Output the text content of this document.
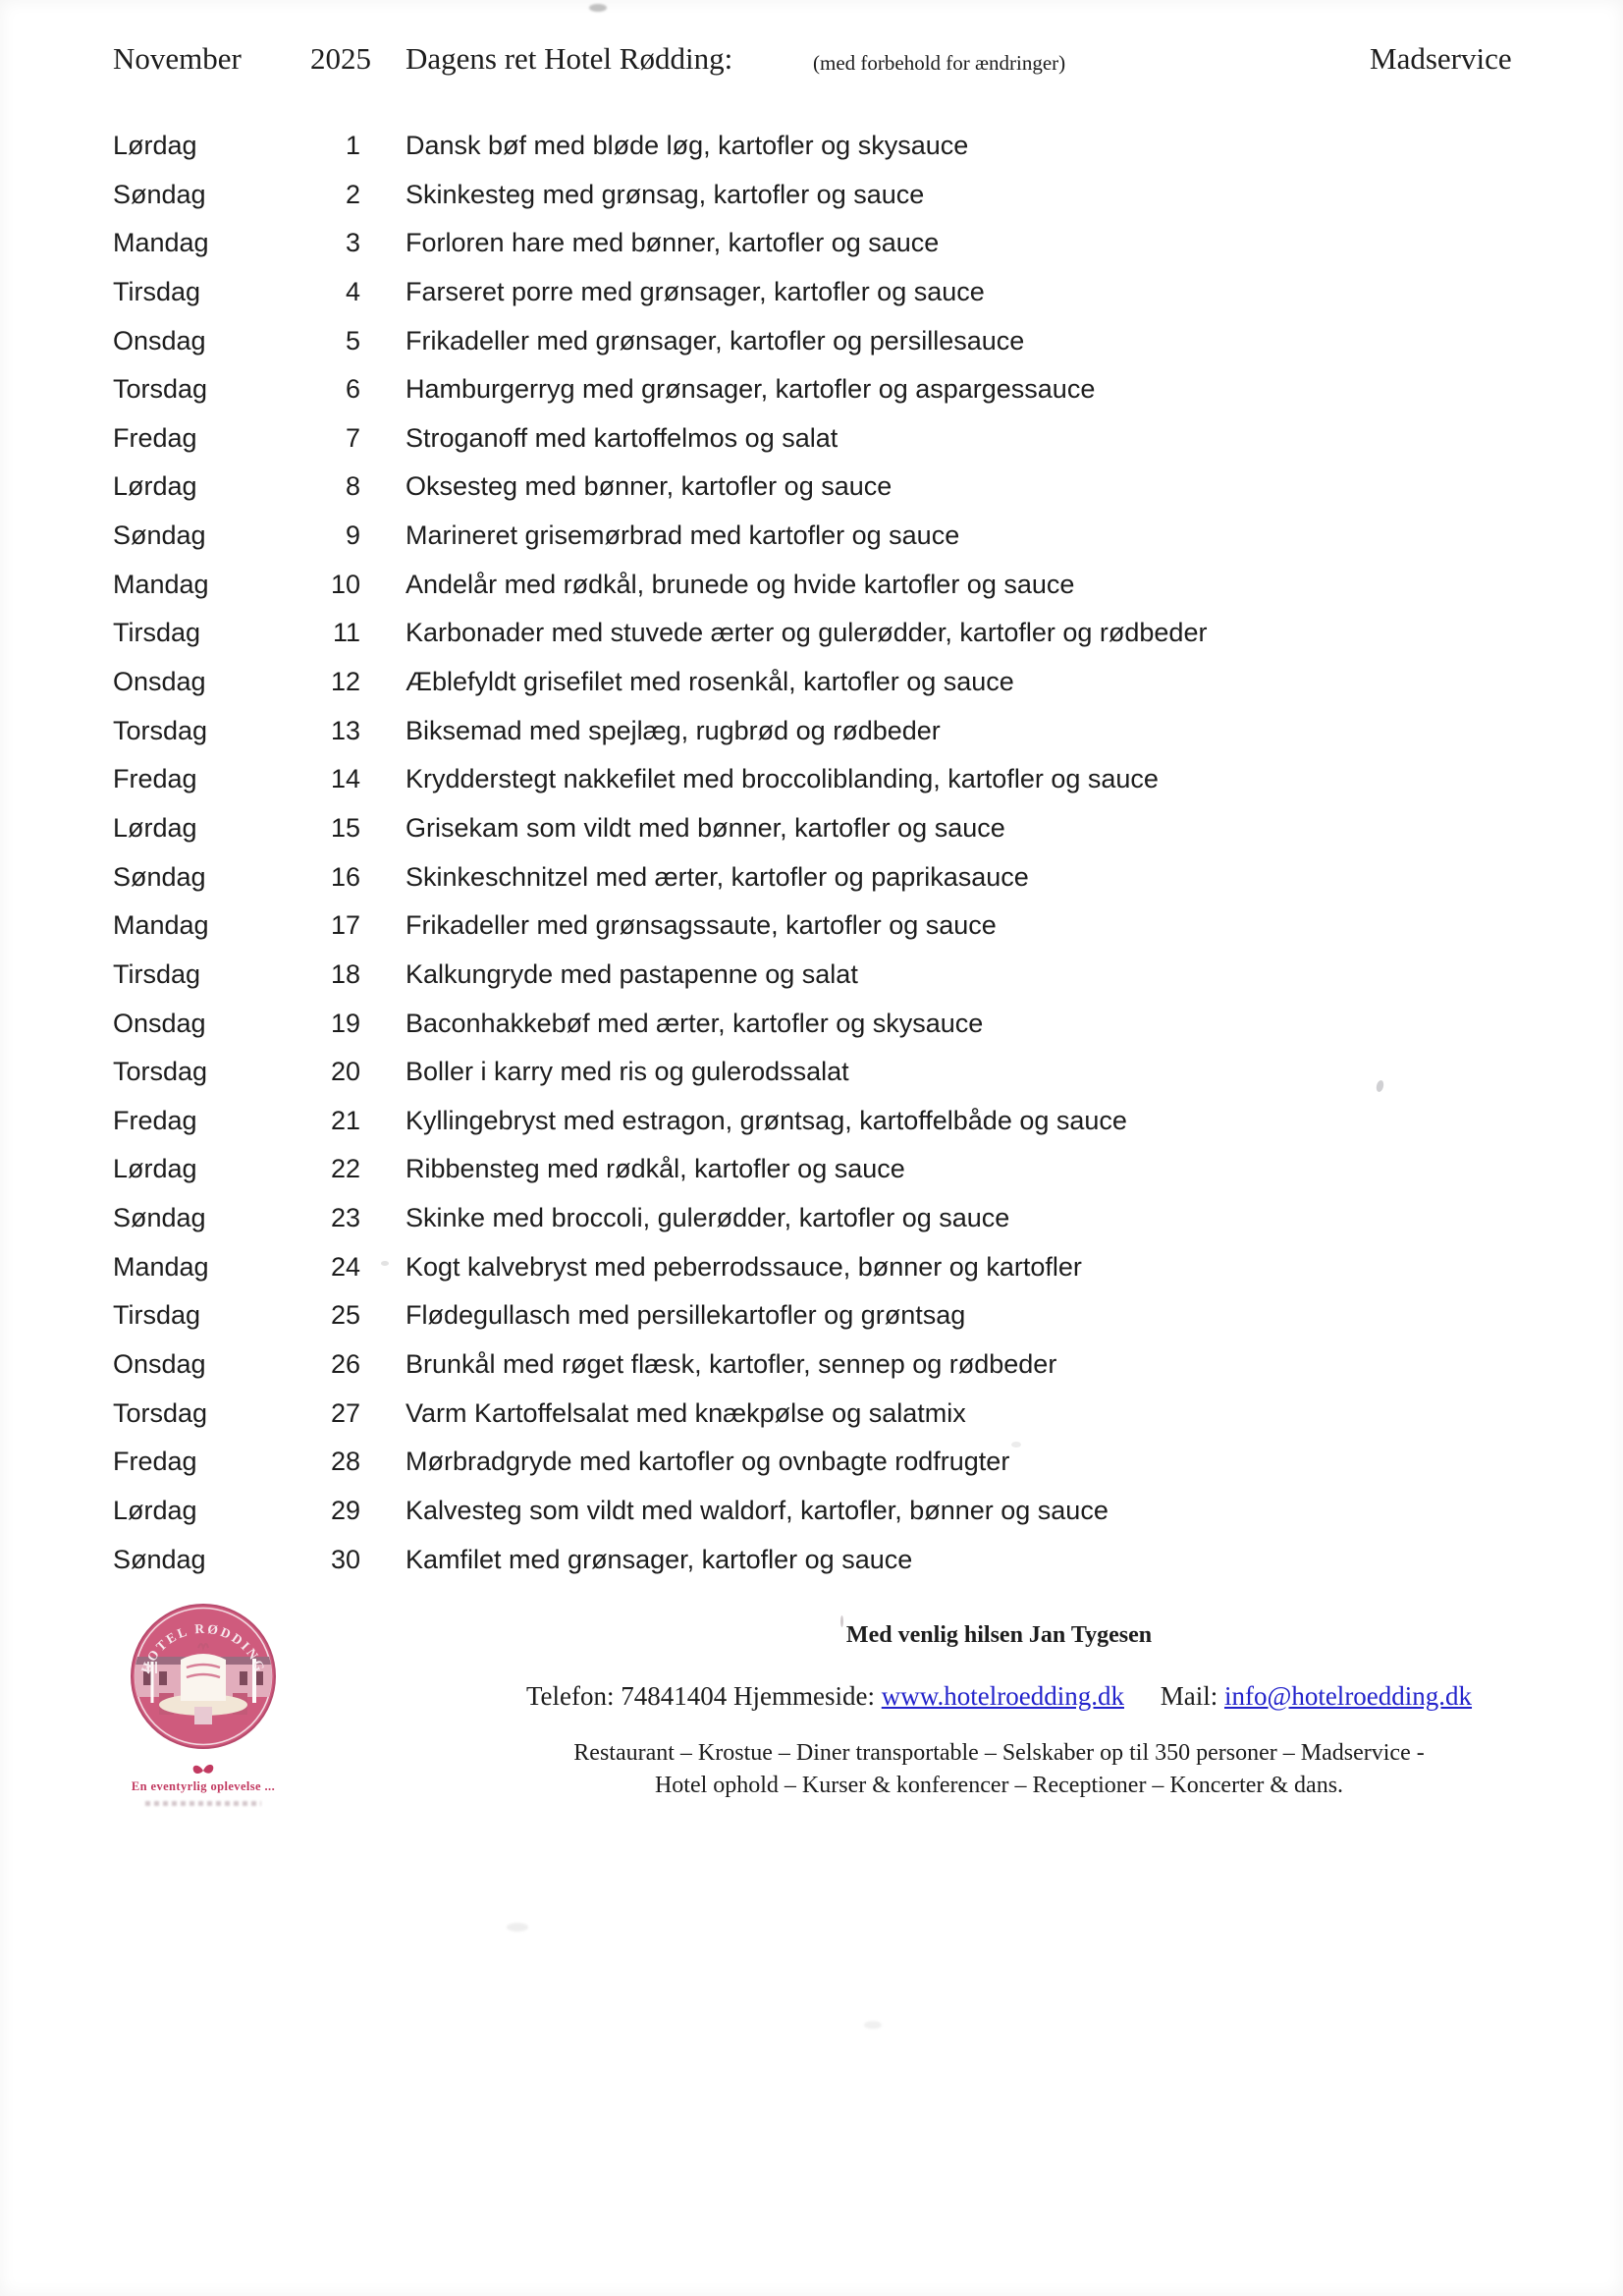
November 2025 Dagens ret Hotel Rødding:	(med forbehold for ændringer)	Madservice
Lørdag	1 Dansk bøf med bløde løg, kartofler og skysauce
Søndag	2 Skinkesteg med grønsag, kartofler og sauce
Mandag	3 Forloren hare med bønner, kartofler og sauce
Tirsdag	4 Farseret porre med grønsager, kartofler og sauce
Onsdag	5 Frikadeller med grønsager, kartofler og persillesauce
Torsdag	6 Hamburgerryg med grønsager, kartofler og aspargessauce
Fredag	7 Stroganoff med kartoffelmos og salat
Lørdag	8 Oksesteg med bønner, kartofler og sauce
Søndag	9 Marineret grisemørbrad med kartofler og sauce
Mandag	10 Andelår med rødkål, brunede og hvide kartofler og sauce
Tirsdag	11 Karbonader med stuvede ærter og gulerødder, kartofler og rødbeder
Onsdag	12 Æblefyldt grisefilet med rosenkål, kartofler og sauce
Torsdag	13 Biksemad med spejlæg, rugbrød og rødbeder
Fredag	14 Krydderstegt nakkefilet med broccoliblanding, kartofler og sauce
Lørdag	15 Grisekam som vildt med bønner, kartofler og sauce
Søndag	16 Skinkeschnitzel med ærter, kartofler og paprikasauce
Mandag	17 Frikadeller med grønsagssaute, kartofler og sauce
Tirsdag	18 Kalkungryde med pastapenne og salat
Onsdag	19 Baconhakkebøf med ærter, kartofler og skysauce
Torsdag	20 Boller i karry med ris og gulerodssalat
Fredag	21 Kyllingebryst med estragon, grøntsag, kartoffelbåde og sauce
Lørdag	22 Ribbensteg med rødkål, kartofler og sauce
Søndag	23 Skinke med broccoli, gulerødder, kartofler og sauce
Mandag	24 Kogt kalvebryst med peberrodssauce, bønner og kartofler
Tirsdag	25 Flødegullasch med persillekartofler og grøntsag
Onsdag	26 Brunkål med røget flæsk, kartofler, sennep og rødbeder
Torsdag	27 Varm Kartoffelsalat med knækpølse og salatmix
Fredag	28 Mørbradgryde med kartofler og ovnbagte rodfrugter
Lørdag	29 Kalvesteg som vildt med waldorf, kartofler, bønner og sauce
Søndag	30 Kamfilet med grønsager, kartofler og sauce
HOTEL RØDDING
En eventyrlig oplevelse ...
Med venlig hilsen Jan Tygesen
Telefon: 74841404 Hjemmeside: www.hotelroedding.dk Mail: info@hotelroedding.dk
Restaurant – Krostue – Diner transportable – Selskaber op til 350 personer – Madservice -
Hotel ophold – Kurser & konferencer – Receptioner – Koncerter & dans.
